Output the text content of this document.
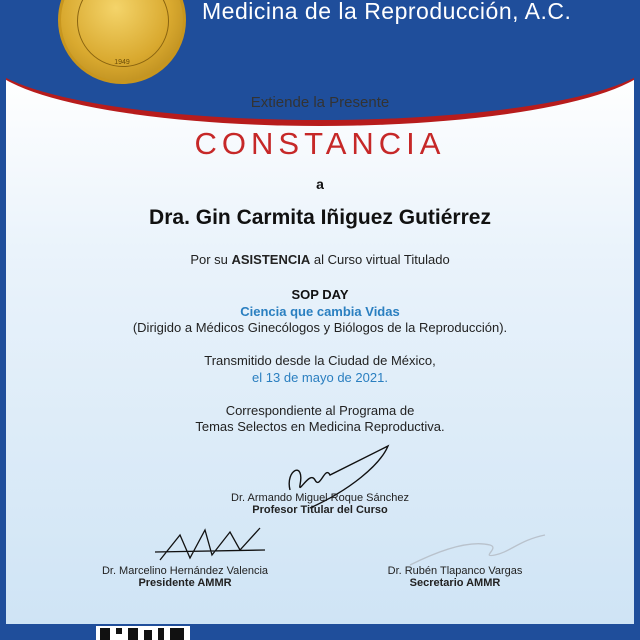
1949
Medicina de la Reproducción, A.C.
Extiende la Presente
CONSTANCIA
a
Dra. Gin Carmita Iñiguez Gutiérrez
Por su ASISTENCIA al Curso virtual Titulado
SOP DAY
Ciencia que cambia Vidas
(Dirigido a Médicos Ginecólogos y Biólogos de la Reproducción).
Transmitido desde la Ciudad de México,
el 13 de mayo de 2021.
Correspondiente al Programa de
Temas Selectos en Medicina Reproductiva.
Dr. Armando Miguel Roque Sánchez
Profesor Titular del Curso
Dr. Marcelino Hernández Valencia
Presidente AMMR
Dr. Rubén Tlapanco Vargas
Secretario AMMR
